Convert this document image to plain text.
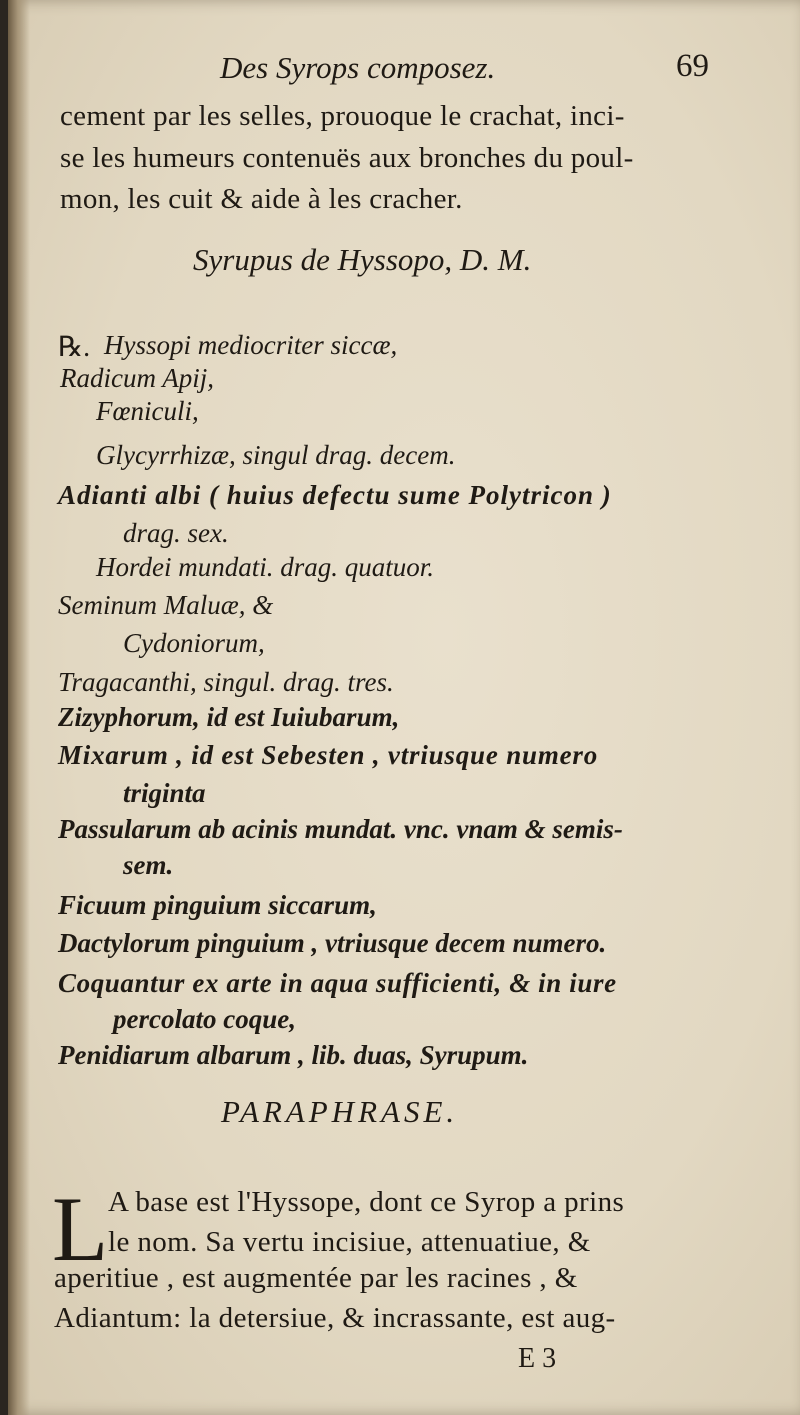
Des Syrops composez.	69
cement par les selles, prouoque le crachat, inci-
se les humeurs contenuës aux bronches du poul-
mon, les cuit & aide à les cracher.
Syrupus de Hyssopo, D. M.
℞. Hyssopi mediocriter siccæ,
Radicum Apij,
Fœniculi,
Glycyrrhizæ, singul drag. decem.
Adianti albi ( huius defectu sume Polytricon )
drag. sex.
Hordei mundati. drag. quatuor.
Seminum Maluæ, &
Cydoniorum,
Tragacanthi, singul. drag. tres.
Zizyphorum, id est Iuiubarum,
Mixarum , id est Sebesten , vtriusque numero
triginta
Passularum ab acinis mundat. vnc. vnam & semis-
sem.
Ficuum pinguium siccarum,
Dactylorum pinguium , vtriusque decem numero.
Coquantur ex arte in aqua sufficienti, & in iure
percolato coque,
Penidiarum albarum , lib. duas, Syrupum.
PARAPHRASE.
L A base est l'Hyssope, dont ce Syrop a prins
le nom. Sa vertu incisiue, attenuatiue, &
aperitiue , est augmentée par les racines , &
Adiantum: la detersiue, & incrassante, est aug-
E 3
